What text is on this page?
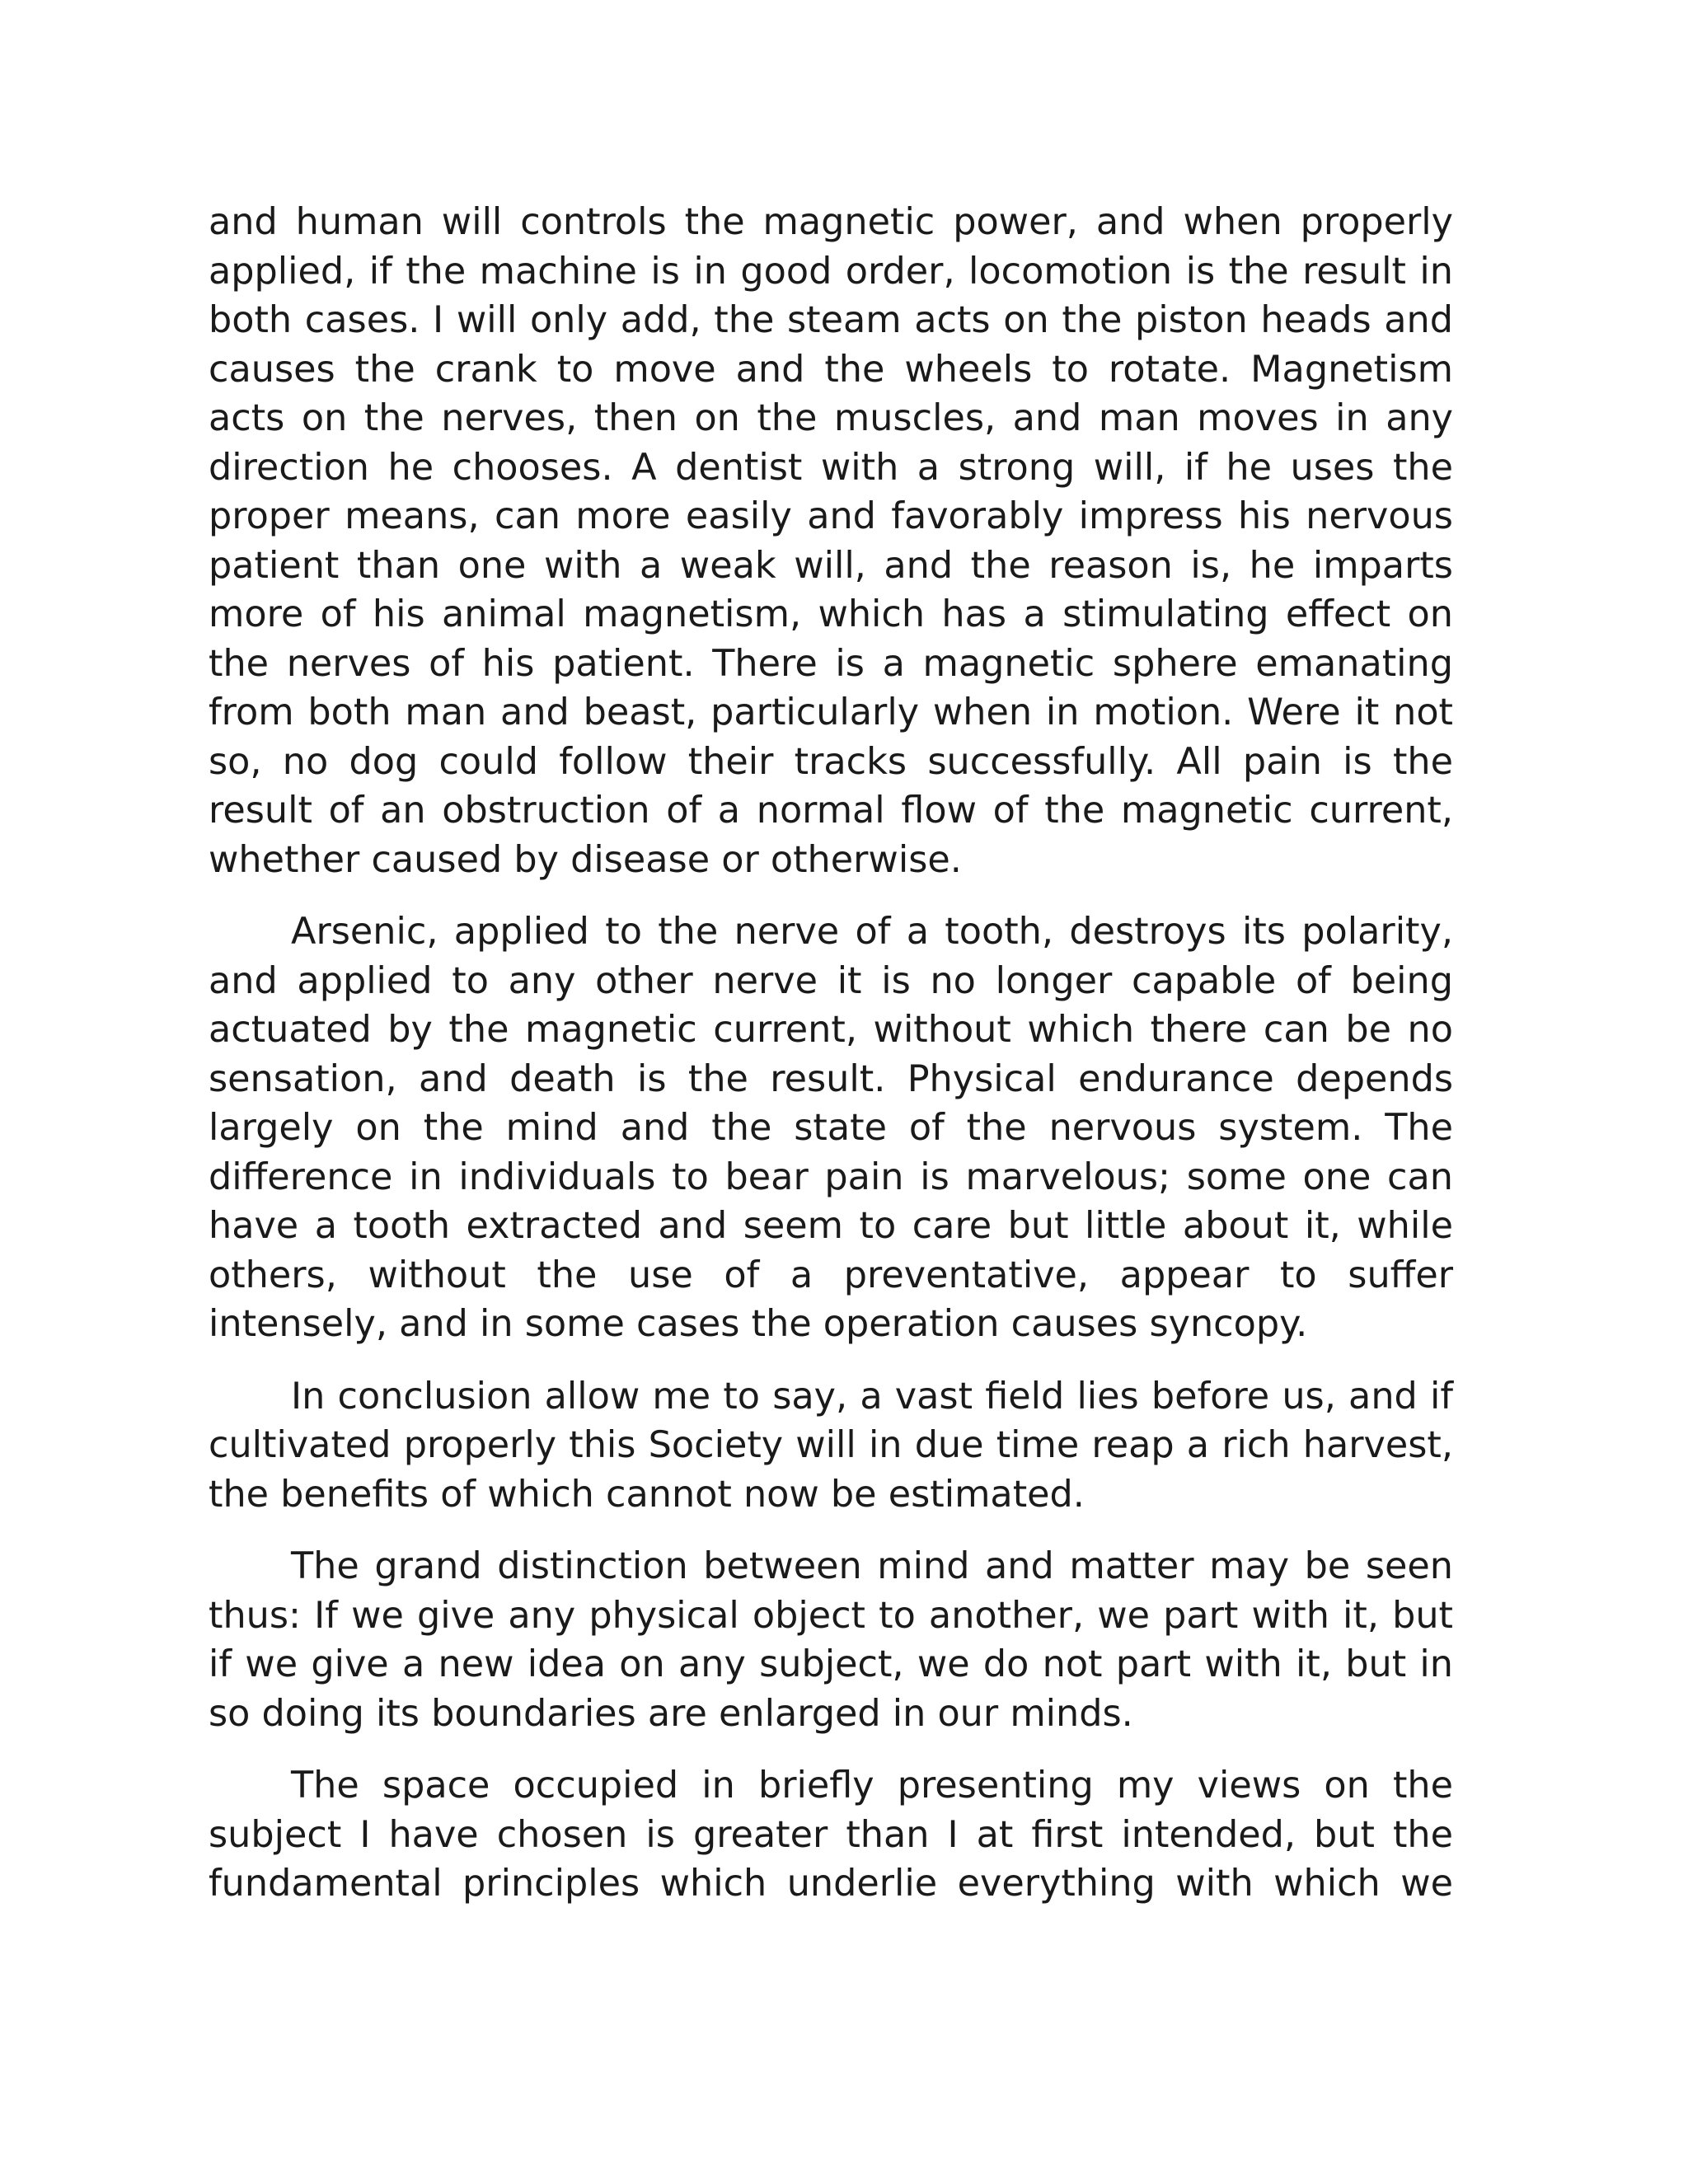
and human will controls the magnetic power, and when properly applied, if the machine is in good order, locomotion is the result in both cases. I will only add, the steam acts on the piston heads and causes the crank to move and the wheels to rotate. Magnetism acts on the nerves, then on the muscles, and man moves in any direction he chooses. A dentist with a strong will, if he uses the proper means, can more easily and favorably impress his nervous patient than one with a weak will, and the reason is, he imparts more of his animal magnetism, which has a stimulating effect on the nerves of his patient. There is a magnetic sphere emanating from both man and beast, particularly when in motion. Were it not so, no dog could follow their tracks successfully. All pain is the result of an obstruction of a normal flow of the magnetic current, whether caused by disease or otherwise.

Arsenic, applied to the nerve of a tooth, destroys its polarity, and applied to any other nerve it is no longer capable of being actuated by the magnetic current, without which there can be no sensation, and death is the result. Physical endurance depends largely on the mind and the state of the nervous system. The difference in individuals to bear pain is marvelous; some one can have a tooth extracted and seem to care but little about it, while others, without the use of a preventative, appear to suffer intensely, and in some cases the operation causes syncopy.

In conclusion allow me to say, a vast field lies before us, and if cultivated properly this Society will in due time reap a rich harvest, the benefits of which cannot now be estimated.

The grand distinction between mind and matter may be seen thus: If we give any physical object to another, we part with it, but if we give a new idea on any subject, we do not part with it, but in so doing its boundaries are enlarged in our minds.

The space occupied in briefly presenting my views on the subject I have chosen is greater than I at first intended, but the fundamental principles which underlie everything with which we
